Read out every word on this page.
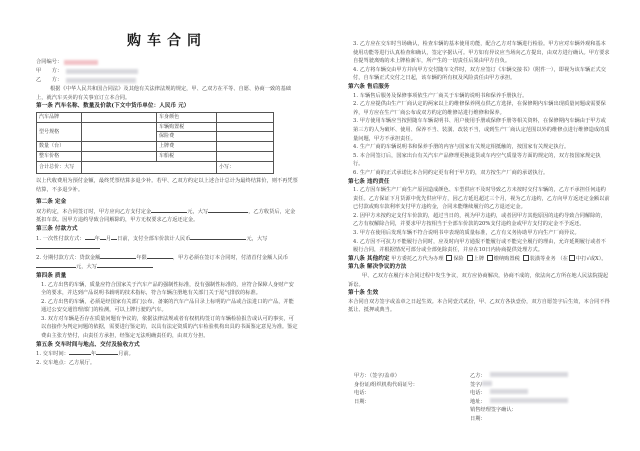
购车合同
合同编号：
甲　　方：
乙　　方：

根据《中华人民共和国合同法》及其他有关法律法规的规定，甲、乙双方在平等、自愿、协商一致的基础上，就汽车买卖的有关事宜订立本合同。

第一条 汽车名称、数量及价款(下文中货币单位：人民币 元）

汽车品牌		车身颜色	
型号规格		车辆购置税	
		保险费	
数量（台）		上牌费	
整车价格		车船税	
合计总价：大写			小写：

以上代收费用为预付金额，最终凭票结算多退少补。若甲、乙双方约定以上述合计总计为最终结算价，则不再凭票结算，不多退少补。

第二条 定金

双方约定，本合同签订时，甲方应向乙方支付定金	元，大写	，乙方收货后，定金抵扣车款。因甲方违约导致合同解除的，甲方无权要求乙方返还定金。

第三条 付款方式

1. 一次性付款方式： 年 月 日前，支付全部车价款计人民币	元，大写

2. 分期付款方式：贷款金额	年限	，甲方必须在签订本合同时，付清首付金额人民币元，大写

第四条 质量

1. 乙方出售的车辆，质量应符合国家关于汽车产品的强制性标准，没有强制性标准的，应符合保障人身财产安全的要求，并达到产品说明书载明的技术指标，符合车辆注册地有关部门关于尾气排放的标准。

2. 乙方出售的车辆，必须是经国家有关部门公布、备案的汽车产品目录上标明的产品或合法进口的产品，并能通过公安交通管理部门的检测，可以上牌行驶的汽车。

3. 双方对车辆是否存在质量问题有争议的，依据法律法规或者有权机构签订的车辆检验报告或认可的事实，可以直接作为判定问题的依据，需要进行鉴定的，以具有法定资质的汽车检验机构出具的书面鉴定意见为准。鉴定费由主张方垫付，由责任方承担，经鉴定无法明确责任的，由双方分担。

第五条 交车时间与地点、交付及验收方式

1. 交车时间：	年	月前。

2. 交车地点：乙方展厅。

3. 乙方应在交车时当场确认，检查车辆的基本使用功能，配合乙方对车辆进行检验。甲方应对车辆外观和基本使用功能等进行认真检查和确认，签定字据认可。甲方如有异议应当场向乙方提出，由双方进行确认。甲方要求自提驾驶离购的未上牌检新车，所产生的一切责任后果由甲方自负。

4. 乙方将车辆交由甲方并向甲方交付随车文件时，双方应签订《车辆交接书》（附件一），即视为该车辆正式交付，自车辆正式交付之日起，该车辆的所有权及风险责任由甲方承担。

第六条 售后服务

1. 车辆售后服务及保修事项依生产厂商关于车辆的说明书和保养手册执行。

2. 乙方应提供由生产厂商认定的两家以上的维修保养网点供乙方选择，在保修期内车辆出现质量问题或需要保养，甲方应在生产厂商公布或双方约定的维修站进行维修和保养。

3. 甲方使用车辆应当按照随车车辆说明书、用户使用手册或保修手册等相关资料，在保修期内车辆由于甲方或第三方的人为破坏、使用、保养不当、装潢、改装不当，或到生产厂商认定范围以外的维修点进行维修造成的质量问题，甲方不承担责任。

4. 生产厂商的车辆说明书和保养手册的内容与国家有关规定相抵触的，按国家有关规定执行。

5. 本合同签订后，国家出台有关汽车产品修理更换退货或车内空气质量等方面的规定的，双方按国家规定执行。

6. 生产厂商的正式承诺比本合同约定更有利于甲方的，双方按生产厂商的承诺执行。

第七条 违约责任

1. 乙方因车辆生产厂商生产原因造成颜色、车型供应不及时导致乙方未按时交付车辆的，乙方不承担任何违约责任。乙方保证下月货源中优先供应甲方，因乙方延迟超过三个月，视为乙方违约，乙方向甲方返还定金额以前已付款或购车款利率支付甲方违约金，合同未能继续履行的乙方退还定金。

2. 因甲方未按约定支付车价款的，超过当日的，视为甲方违约，或者因甲方其他原因的违约导致合同解除的，乙方有权解除合同，并要求甲方按相当于全部车价款的20%支付违约金或甲方支付的定金不予返还。

3. 甲方在使用后发现车辆不符合说明书中表现的质量标准，乙方有义务协助甲方向生产厂商异议。

4. 乙方因不可抗力不能履行合同时，应及时向甲方通报不能履行或不能完全履行的理由，允许延期履行或者不履行合同，并根据情况可部分或全部免除责任，并应在10日内协商提供处理方式。

第八条 其他约定 甲方委托乙方代为办理 保险 上牌 缴纳购置税 装潢等业务 （在 中打√或Ⅹ）。

第九条 解决争议的方法

甲、乙双方在履行本合同过程中发生争议，双方应协商解决，协商不成的，依法向乙方所在地人民法院提起诉讼。

第十条 生效

本合同自双方签字或盖章之日起生效。本合同壹式贰份，甲、乙双方各执壹份，双方自愿签字后生效，本合同不得抵让、抵押或典当。

甲方：（签字/盖章）

身份证/组织机构代码证号：

电话：

日期：

乙方：

签字/

电话：

地址：

销售经理签字确认：

日期：
